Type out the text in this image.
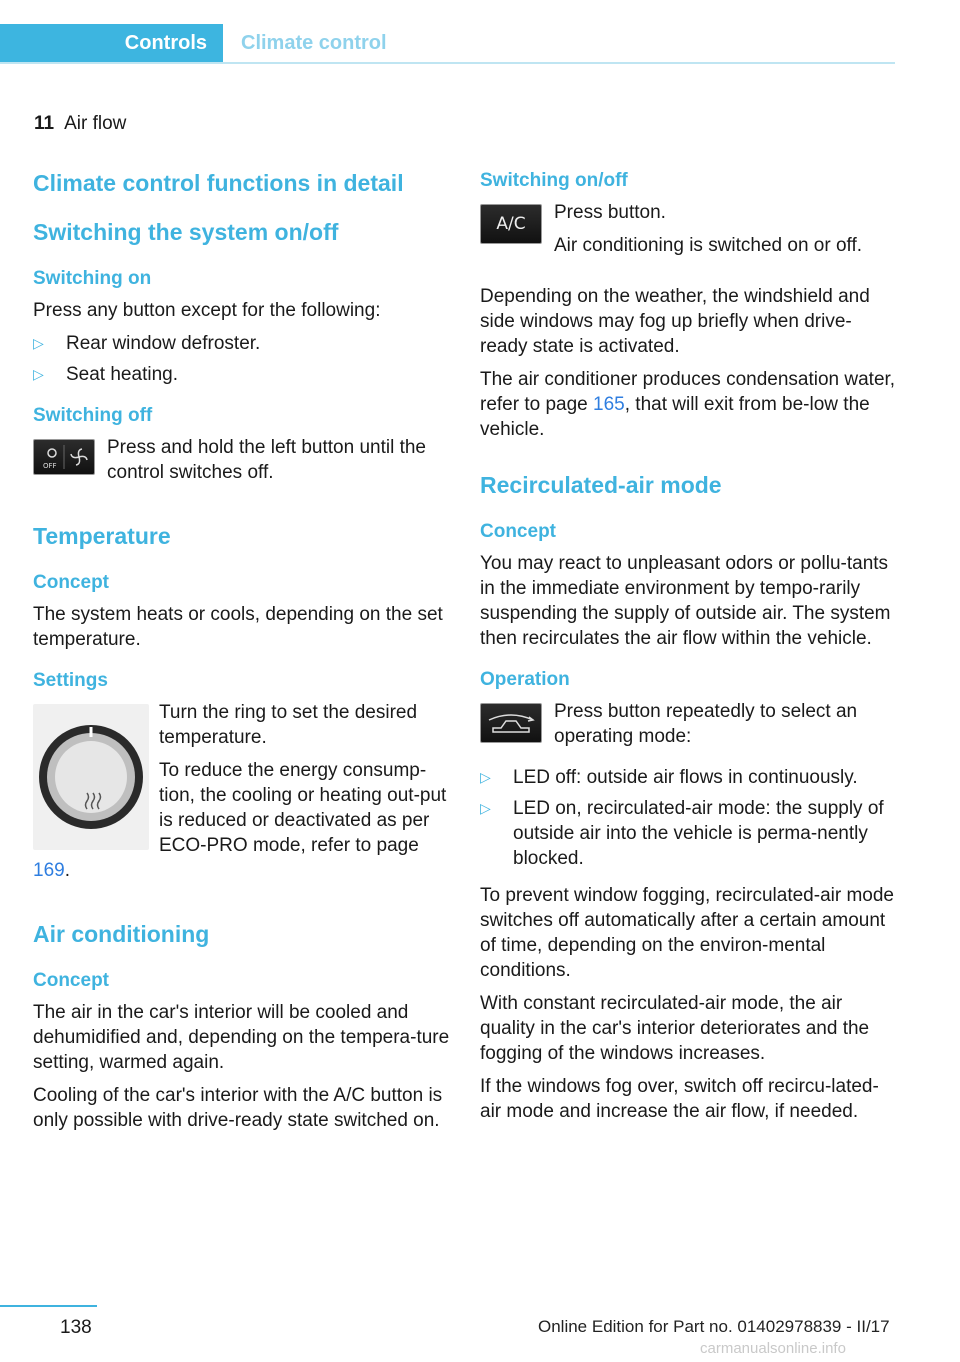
Controls	Climate control
11 Air flow
Climate control functions in detail
Switching the system on/off
Switching on

Press any button except for the following:

▷ Rear window defroster.
▷ Seat heating.
Switching off
OFF

Press and hold the left button until the control switches off.

Temperature
Concept

The system heats or cools, depending on the set temperature.

Settings

Turn the ring to set the desired temperature.

To reduce the energy consump-tion, the cooling or heating out-put is reduced or deactivated as per ECO-PRO mode, refer to page 169.

Air conditioning
Concept

The air in the car's interior will be cooled and dehumidified and, depending on the tempera-ture setting, warmed again.

Cooling of the car's interior with the A/C button is only possible with drive-ready state switched on.

Switching on/off
A/C

Press button.

Air conditioning is switched on or off.

Depending on the weather, the windshield and side windows may fog up briefly when drive-ready state is activated.

The air conditioner produces condensation water, refer to page 165, that will exit from be-low the vehicle.

Recirculated-air mode
Concept

You may react to unpleasant odors or pollu-tants in the immediate environment by tempo-rarily suspending the supply of outside air. The system then recirculates the air flow within the vehicle.

Operation

Press button repeatedly to select an operating mode:

▷ LED off: outside air flows in continuously.
▷ LED on, recirculated-air mode: the supply of outside air into the vehicle is perma-nently blocked.

To prevent window fogging, recirculated-air mode switches off automatically after a certain amount of time, depending on the environ-mental conditions.

With constant recirculated-air mode, the air quality in the car's interior deteriorates and the fogging of the windows increases.

If the windows fog over, switch off recircu-lated-air mode and increase the air flow, if needed.

138	Online Edition for Part no. 01402978839 - II/17
carmanualsonline.info
